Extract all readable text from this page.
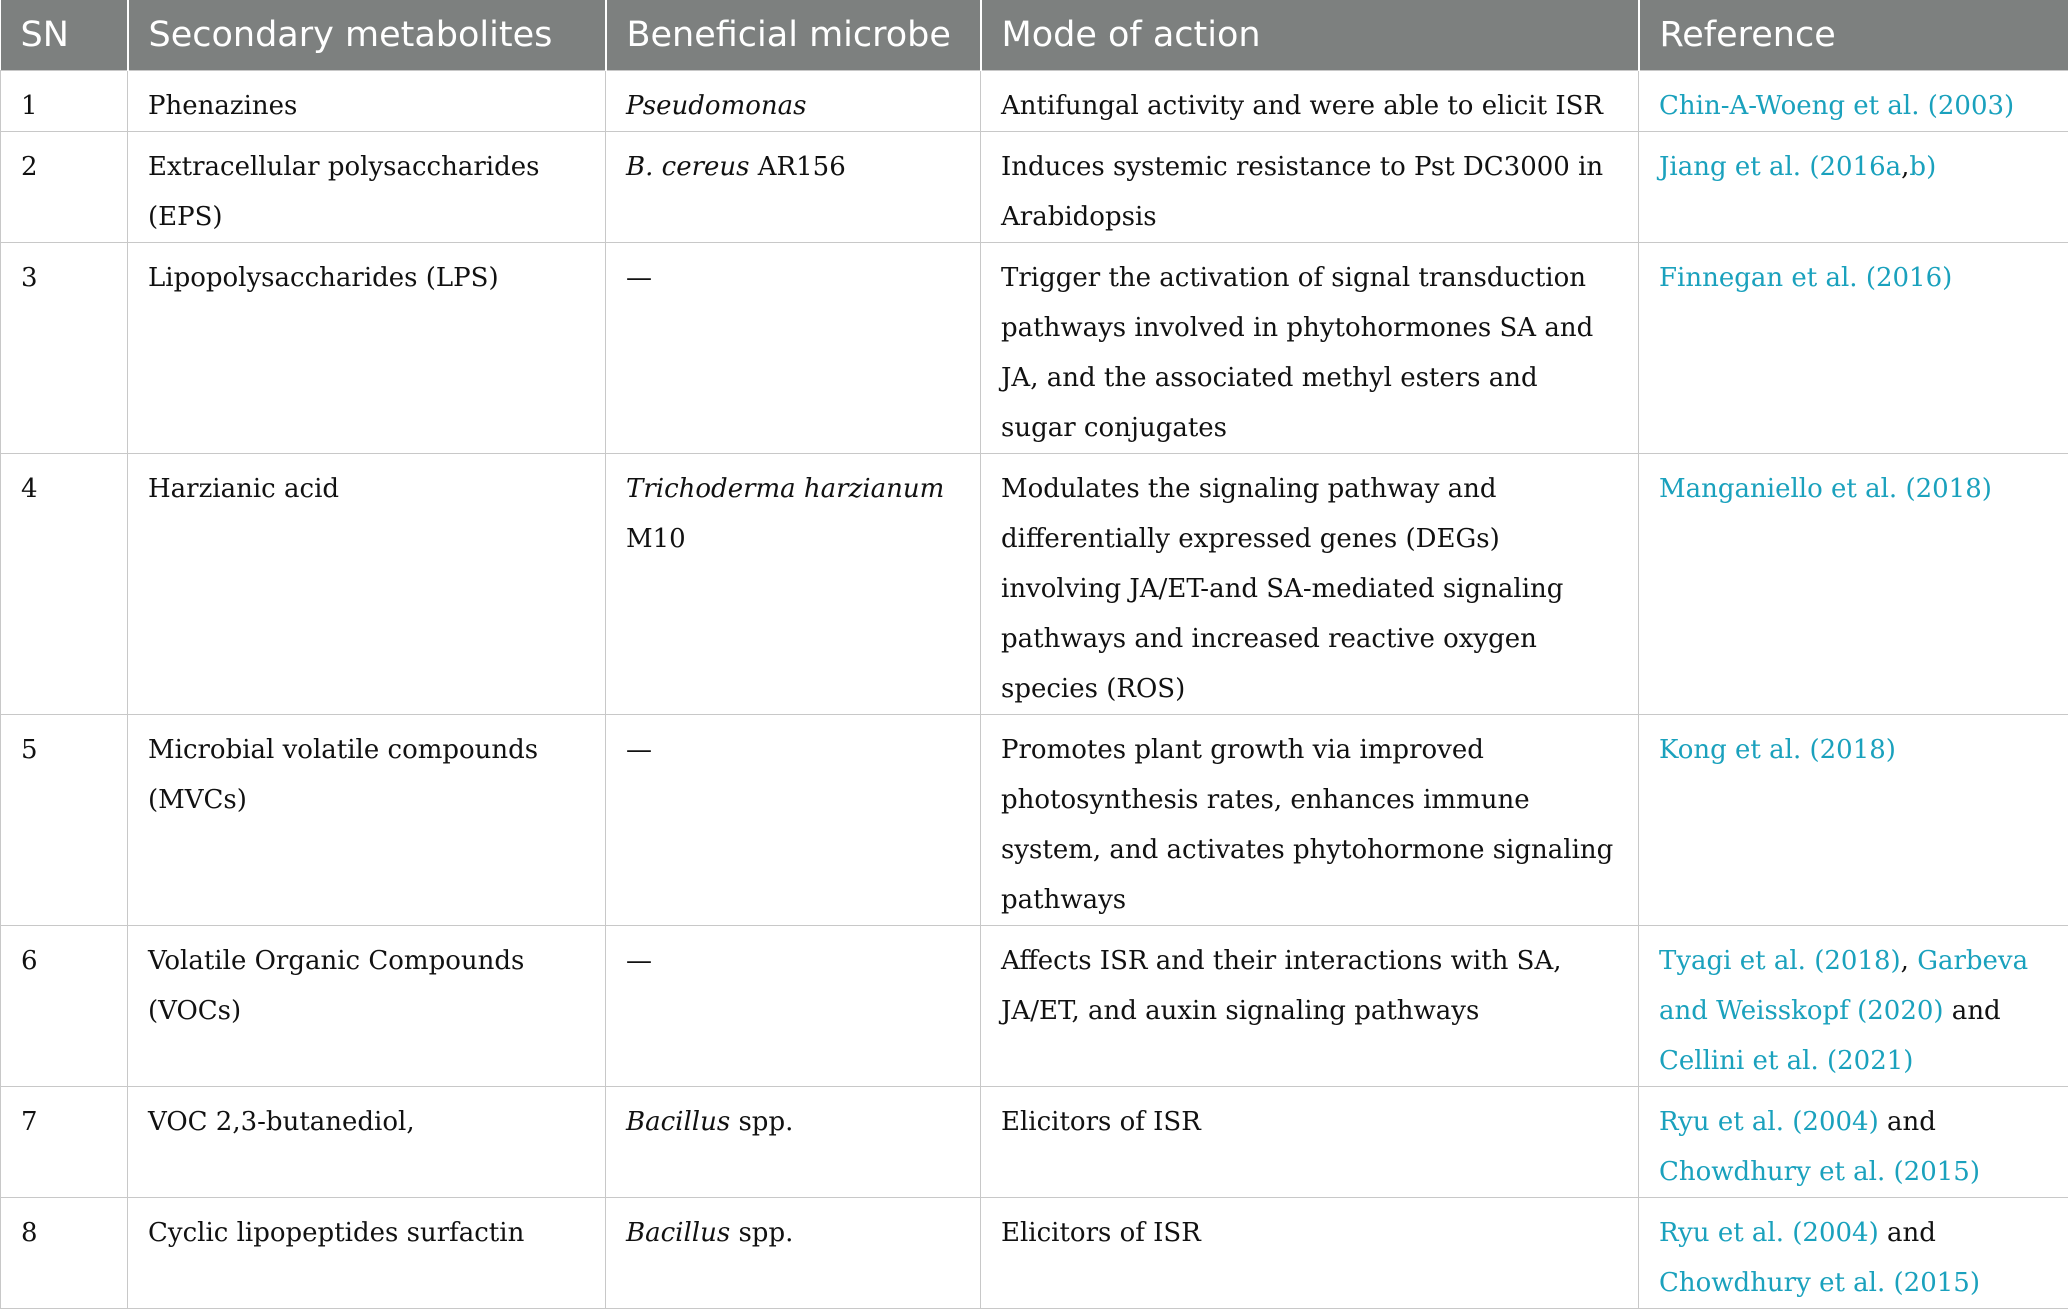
SN	Secondary metabolites	Beneficial microbe	Mode of action	Reference
1	Phenazines	Pseudomonas	Antifungal activity and were able to elicit ISR	Chin-A-Woeng et al. (2003)
2	Extracellular polysaccharides (EPS)	B. cereus AR156	Induces systemic resistance to Pst DC3000 in Arabidopsis	Jiang et al. (2016a,b)
3	Lipopolysaccharides (LPS)	—	Trigger the activation of signal transduction pathways involved in phytohormones SA and JA, and the associated methyl esters and sugar conjugates	Finnegan et al. (2016)
4	Harzianic acid	Trichoderma harzianum M10	Modulates the signaling pathway and differentially expressed genes (DEGs) involving JA/ET-and SA-mediated signaling pathways and increased reactive oxygen species (ROS)	Manganiello et al. (2018)
5	Microbial volatile compounds (MVCs)	—	Promotes plant growth via improved photosynthesis rates, enhances immune system, and activates phytohormone signaling pathways	Kong et al. (2018)
6	Volatile Organic Compounds (VOCs)	—	Affects ISR and their interactions with SA, JA/ET, and auxin signaling pathways	Tyagi et al. (2018), Garbeva and Weisskopf (2020) and Cellini et al. (2021)
7	VOC 2,3-butanediol,	Bacillus spp.	Elicitors of ISR	Ryu et al. (2004) and Chowdhury et al. (2015)
8	Cyclic lipopeptides surfactin	Bacillus spp.	Elicitors of ISR	Ryu et al. (2004) and Chowdhury et al. (2015)
